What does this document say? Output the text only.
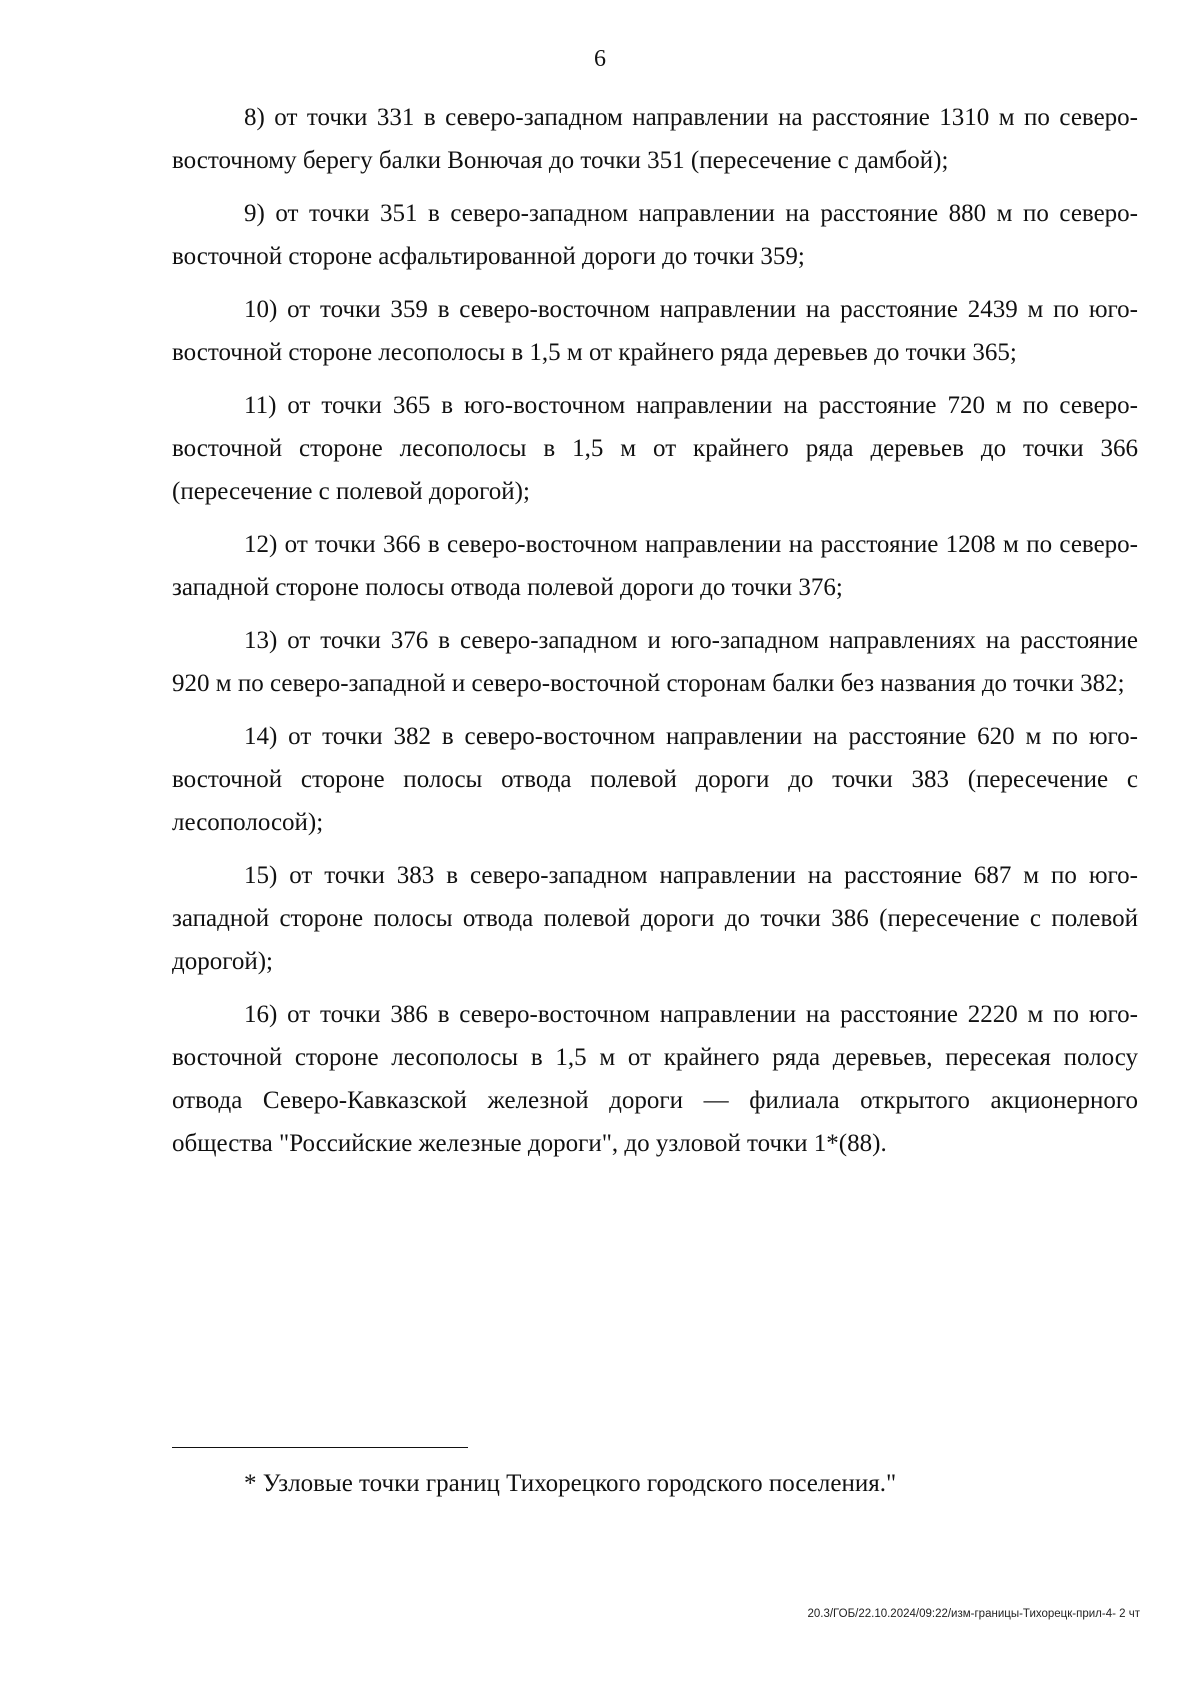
6

8) от точки 331 в северо-западном направлении на расстояние 1310 м по северо-восточному берегу балки Вонючая до точки 351 (пересечение с дамбой);

9) от точки 351 в северо-западном направлении на расстояние 880 м по северо-восточной стороне асфальтированной дороги до точки 359;

10) от точки 359 в северо-восточном направлении на расстояние 2439 м по юго-восточной стороне лесополосы в 1,5 м от крайнего ряда деревьев до точки 365;

11) от точки 365 в юго-восточном направлении на расстояние 720 м по северо-восточной стороне лесополосы в 1,5 м от крайнего ряда деревьев до точки 366 (пересечение с полевой дорогой);

12) от точки 366 в северо-восточном направлении на расстояние 1208 м по северо-западной стороне полосы отвода полевой дороги до точки 376;

13) от точки 376 в северо-западном и юго-западном направлениях на расстояние 920 м по северо-западной и северо-восточной сторонам балки без названия до точки 382;

14) от точки 382 в северо-восточном направлении на расстояние 620 м по юго-восточной стороне полосы отвода полевой дороги до точки 383 (пересечение с лесополосой);

15) от точки 383 в северо-западном направлении на расстояние 687 м по юго-западной стороне полосы отвода полевой дороги до точки 386 (пересечение с полевой дорогой);

16) от точки 386 в северо-восточном направлении на расстояние 2220 м по юго-восточной стороне лесополосы в 1,5 м от крайнего ряда деревьев, пересекая полосу отвода Северо-Кавказской железной дороги — филиала открытого акционерного общества "Российские железные дороги", до узловой точки 1*(88).

* Узловые точки границ Тихорецкого городского поселения."
20.3/ГОБ/22.10.2024/09:22/изм-границы-Тихорецк-прил-4- 2 чт
